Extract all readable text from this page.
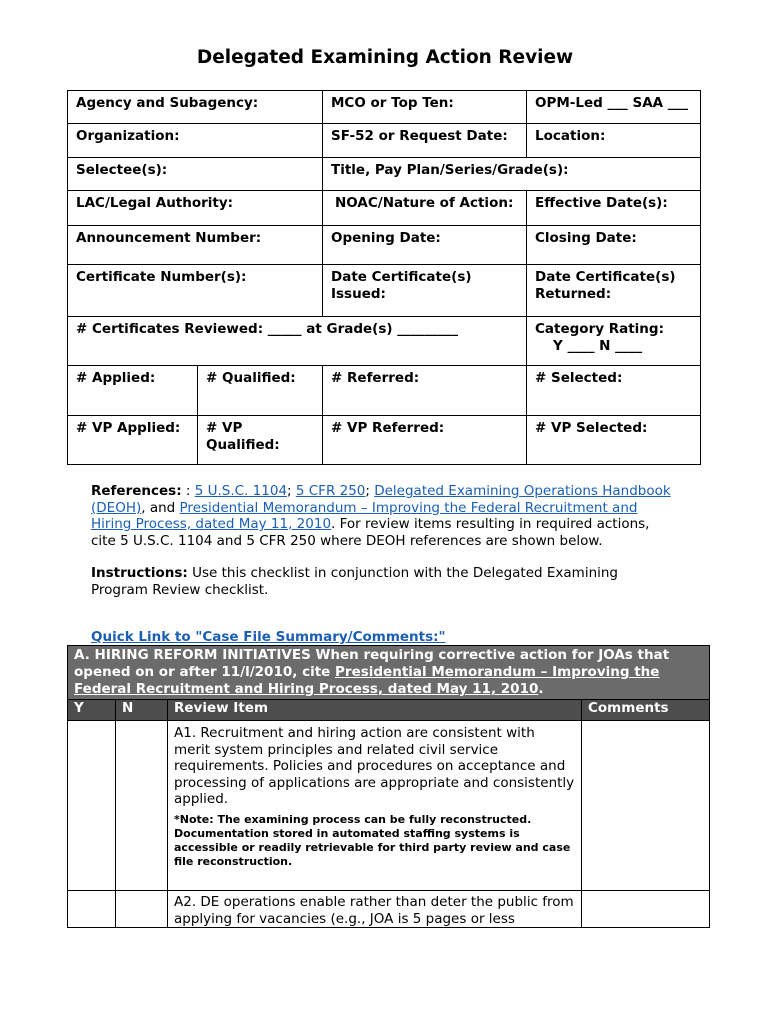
Delegated Examining Action Review
Agency and Subagency:		MCO or Top Ten:	OPM-Led ___ SAA ___
Organization:		SF-52 or Request Date:	Location:
Selectee(s):		Title, Pay Plan/Series/Grade(s):	
LAC/Legal Authority:		NOAC/Nature of Action:	Effective Date(s):
Announcement Number:		Opening Date:	Closing Date:
Certificate Number(s):		Date Certificate(s) Issued:	Date Certificate(s) Returned:
# Certificates Reviewed: _____ at Grade(s) _________			Category Rating:
Y ____ N ____

# Applied:	# Qualified:	# Referred:	# Selected:
# VP Applied:	# VP Qualified:	# VP Referred:	# VP Selected:

References: : 5 U.S.C. 1104; 5 CFR 250; Delegated Examining Operations Handbook (DEOH), and Presidential Memorandum – Improving the Federal Recruitment and Hiring Process, dated May 11, 2010. For review items resulting in required actions, cite 5 U.S.C. 1104 and 5 CFR 250 where DEOH references are shown below.

Instructions: Use this checklist in conjunction with the Delegated Examining Program Review checklist.

Quick Link to "Case File Summary/Comments:"
A. HIRING REFORM INITIATIVES When requiring corrective action for JOAs that opened on or after 11/l/2010, cite Presidential Memorandum – Improving the Federal Recruitment and Hiring Process, dated May 11, 2010.			
Y	N	Review Item	Comments

		A1. Recruitment and hiring action are consistent with merit system principles and related civil service requirements. Policies and procedures on acceptance and processing of applications are appropriate and consistently applied.
*Note: The examining process can be fully reconstructed. Documentation stored in automated staffing systems is accessible or readily retrievable for third party review and case file reconstruction.	

		A2. DE operations enable rather than deter the public from applying for vacancies (e.g., JOA is 5 pages or less	
